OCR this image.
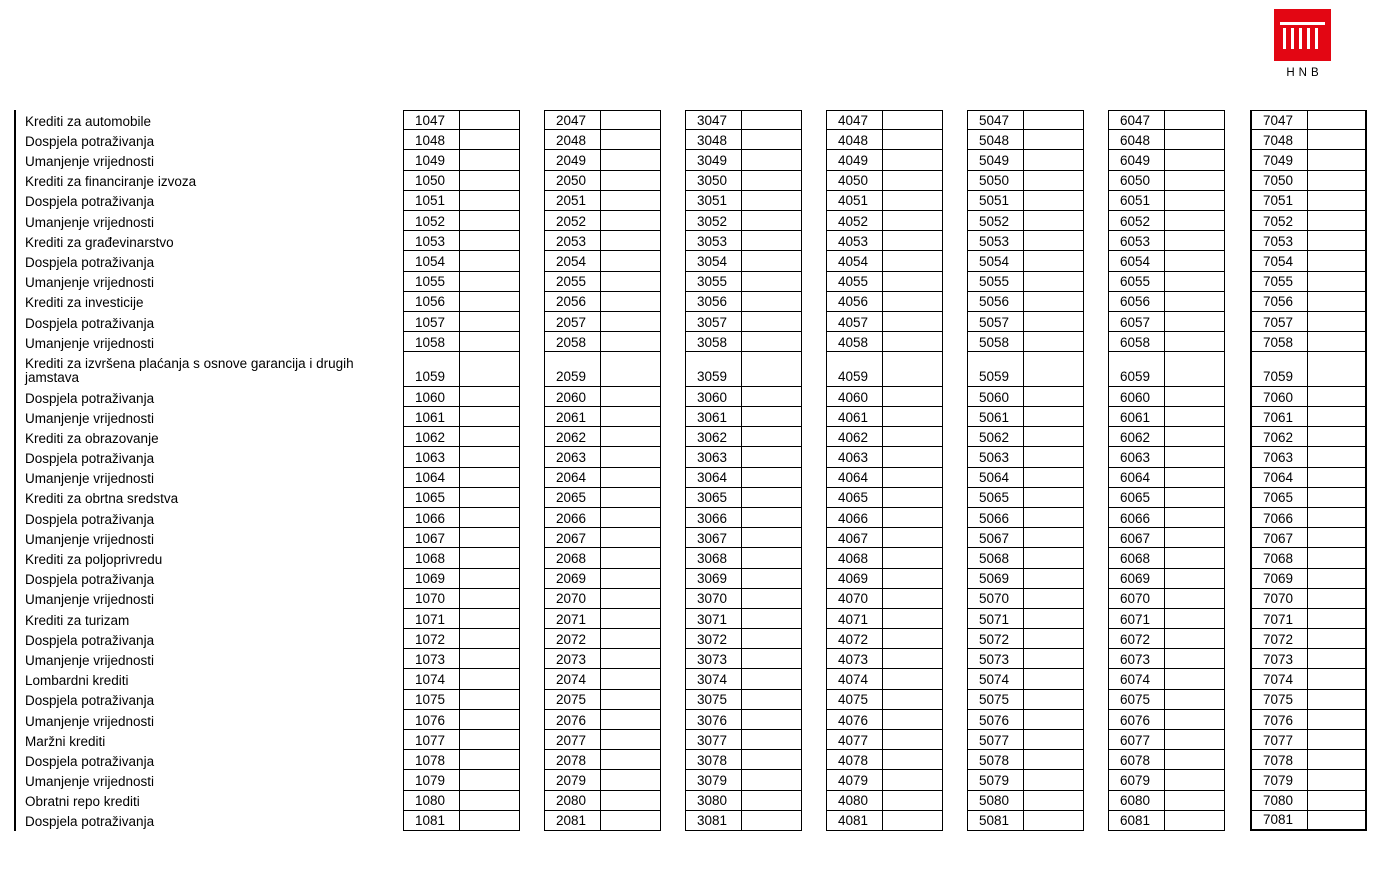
HNB
Krediti za automobile	1047	2047	3047	4047	5047	6047	7047
Dospjela potraživanja	1048	2048	3048	4048	5048	6048	7048
Umanjenje vrijednosti	1049	2049	3049	4049	5049	6049	7049
Krediti za financiranje izvoza	1050	2050	3050	4050	5050	6050	7050
Dospjela potraživanja	1051	2051	3051	4051	5051	6051	7051
Umanjenje vrijednosti	1052	2052	3052	4052	5052	6052	7052
Krediti za građevinarstvo	1053	2053	3053	4053	5053	6053	7053
Dospjela potraživanja	1054	2054	3054	4054	5054	6054	7054
Umanjenje vrijednosti	1055	2055	3055	4055	5055	6055	7055
Krediti za investicije	1056	2056	3056	4056	5056	6056	7056
Dospjela potraživanja	1057	2057	3057	4057	5057	6057	7057
Umanjenje vrijednosti	1058	2058	3058	4058	5058	6058	7058
Krediti za izvršena plaćanja s osnove garancija i drugih jamstava	1059	2059	3059	4059	5059	6059	7059
Dospjela potraživanja	1060	2060	3060	4060	5060	6060	7060
Umanjenje vrijednosti	1061	2061	3061	4061	5061	6061	7061
Krediti za obrazovanje	1062	2062	3062	4062	5062	6062	7062
Dospjela potraživanja	1063	2063	3063	4063	5063	6063	7063
Umanjenje vrijednosti	1064	2064	3064	4064	5064	6064	7064
Krediti za obrtna sredstva	1065	2065	3065	4065	5065	6065	7065
Dospjela potraživanja	1066	2066	3066	4066	5066	6066	7066
Umanjenje vrijednosti	1067	2067	3067	4067	5067	6067	7067
Krediti za poljoprivredu	1068	2068	3068	4068	5068	6068	7068
Dospjela potraživanja	1069	2069	3069	4069	5069	6069	7069
Umanjenje vrijednosti	1070	2070	3070	4070	5070	6070	7070
Krediti za turizam	1071	2071	3071	4071	5071	6071	7071
Dospjela potraživanja	1072	2072	3072	4072	5072	6072	7072
Umanjenje vrijednosti	1073	2073	3073	4073	5073	6073	7073
Lombardni krediti	1074	2074	3074	4074	5074	6074	7074
Dospjela potraživanja	1075	2075	3075	4075	5075	6075	7075
Umanjenje vrijednosti	1076	2076	3076	4076	5076	6076	7076
Maržni krediti	1077	2077	3077	4077	5077	6077	7077
Dospjela potraživanja	1078	2078	3078	4078	5078	6078	7078
Umanjenje vrijednosti	1079	2079	3079	4079	5079	6079	7079
Obratni repo krediti	1080	2080	3080	4080	5080	6080	7080
Dospjela potraživanja	1081	2081	3081	4081	5081	6081	7081
